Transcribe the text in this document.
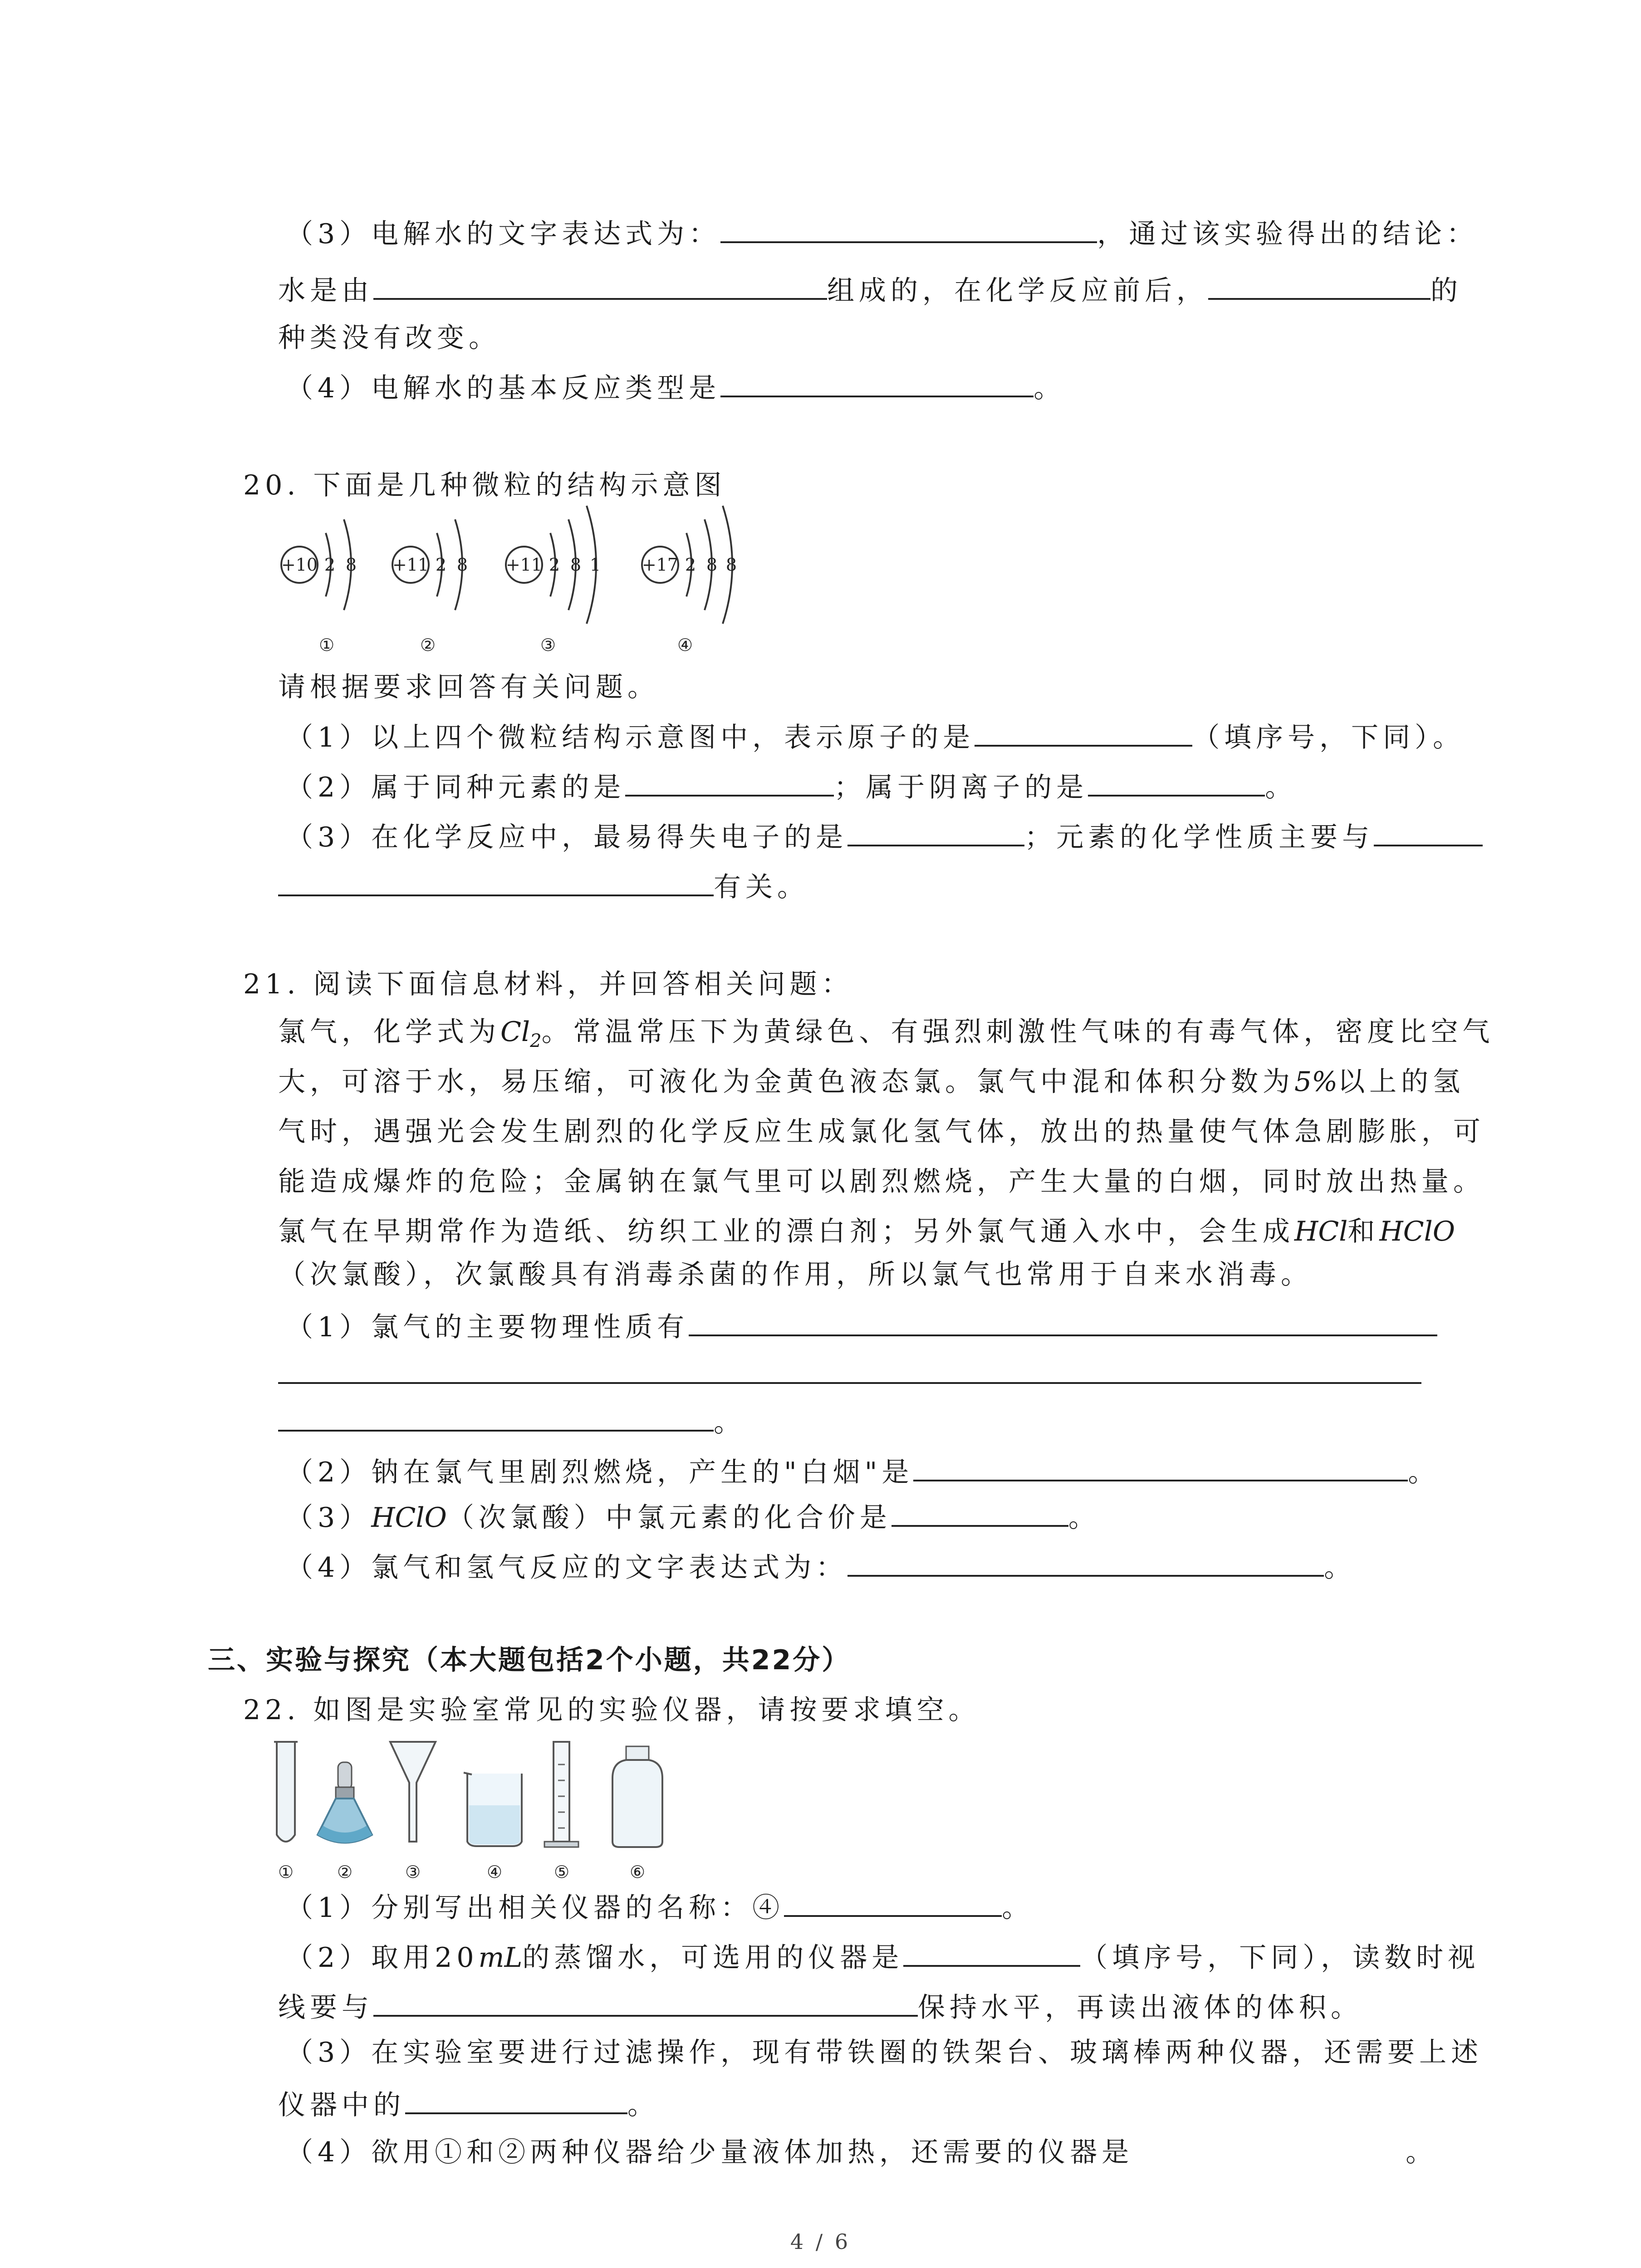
（3）电解水的文字表达式为：	，通过该实验得出的结论：
水是由	组成的，在化学反应前后，	的
种类没有改变。
（4）电解水的基本反应类型是	。
20. 下面是几种微粒的结构示意图
+10 2 8
①
+11 2 8
②
+11 2 8 1
③
+17 2 8 8
④
请根据要求回答有关问题。
（1）以上四个微粒结构示意图中，表示原子的是	（填序号，下同）。
（2）属于同种元素的是	；属于阴离子的是	。
（3）在化学反应中，最易得失电子的是	；元素的化学性质主要与
有关。
21. 阅读下面信息材料，并回答相关问题：
氯气，化学式为$Cl_2$。常温常压下为黄绿色、有强烈刺激性气味的有毒气体，密度比空气
大，可溶于水，易压缩，可液化为金黄色液态氯。氯气中混和体积分数为5%以上的氢
气时，遇强光会发生剧烈的化学反应生成氯化氢气体，放出的热量使气体急剧膨胀，可
能造成爆炸的危险；金属钠在氯气里可以剧烈燃烧，产生大量的白烟，同时放出热量。
氯气在早期常作为造纸、纺织工业的漂白剂；另外氯气通入水中，会生成HCl和HClO
（次氯酸），次氯酸具有消毒杀菌的作用，所以氯气也常用于自来水消毒。
（1）氯气的主要物理性质有
。
（2）钠在氯气里剧烈燃烧，产生的"白烟"是	。
（3）HClO（次氯酸）中氯元素的化合价是	。
（4）氯气和氢气反应的文字表达式为：	。
三、实验与探究（本大题包括2个小题，共22分）
22. 如图是实验室常见的实验仪器，请按要求填空。
①	②	③	④	⑤	⑥
（1）分别写出相关仪器的名称：④	。
（2）取用20mL的蒸馏水，可选用的仪器是	（填序号，下同），读数时视
线要与	保持水平，再读出液体的体积。
（3）在实验室要进行过滤操作，现有带铁圈的铁架台、玻璃棒两种仪器，还需要上述
仪器中的	。
（4）欲用①和②两种仪器给少量液体加热，还需要的仪器是	。
4 / 6
